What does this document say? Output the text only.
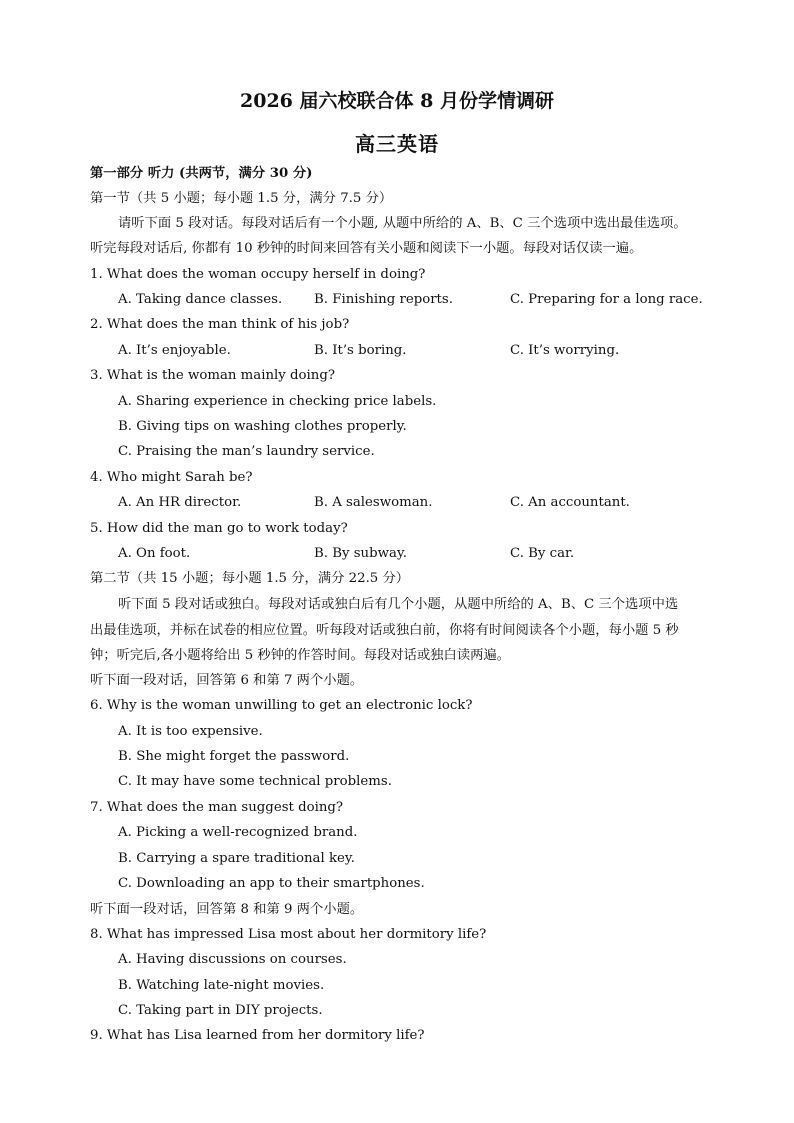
2026 届六校联合体 8 月份学情调研
高三英语
第一部分 听力 (共两节，满分 30 分)
第一节（共 5 小题；每小题 1.5 分，满分 7.5 分）
请听下面 5 段对话。每段对话后有一个小题, 从题中所给的 A、B、C 三个选项中选出最佳选项。
听完每段对话后, 你都有 10 秒钟的时间来回答有关小题和阅读下一小题。每段对话仅读一遍。
1. What does the woman occupy herself in doing?
A. Taking dance classes. B. Finishing reports.	C. Preparing for a long race.
2. What does the man think of his job?
A. It’s enjoyable.	B. It’s boring.	C. It’s worrying.
3. What is the woman mainly doing?
A. Sharing experience in checking price labels.
B. Giving tips on washing clothes properly.
C. Praising the man’s laundry service.
4. Who might Sarah be?
A. An HR director.	B. A saleswoman.	C. An accountant.
5. How did the man go to work today?
A. On foot.	B. By subway.	C. By car.
第二节（共 15 小题；每小题 1.5 分，满分 22.5 分）
听下面 5 段对话或独白。每段对话或独白后有几个小题，从题中所给的 A、B、C 三个选项中选
出最佳选项，并标在试卷的相应位置。听每段对话或独白前，你将有时间阅读各个小题，每小题 5 秒
钟；听完后,各小题将给出 5 秒钟的作答时间。每段对话或独白读两遍。
听下面一段对话，回答第 6 和第 7 两个小题。
6. Why is the woman unwilling to get an electronic lock?
A. It is too expensive.
B. She might forget the password.
C. It may have some technical problems.
7. What does the man suggest doing?
A. Picking a well-recognized brand.
B. Carrying a spare traditional key.
C. Downloading an app to their smartphones.
听下面一段对话，回答第 8 和第 9 两个小题。
8. What has impressed Lisa most about her dormitory life?
A. Having discussions on courses.
B. Watching late-night movies.
C. Taking part in DIY projects.
9. What has Lisa learned from her dormitory life?
